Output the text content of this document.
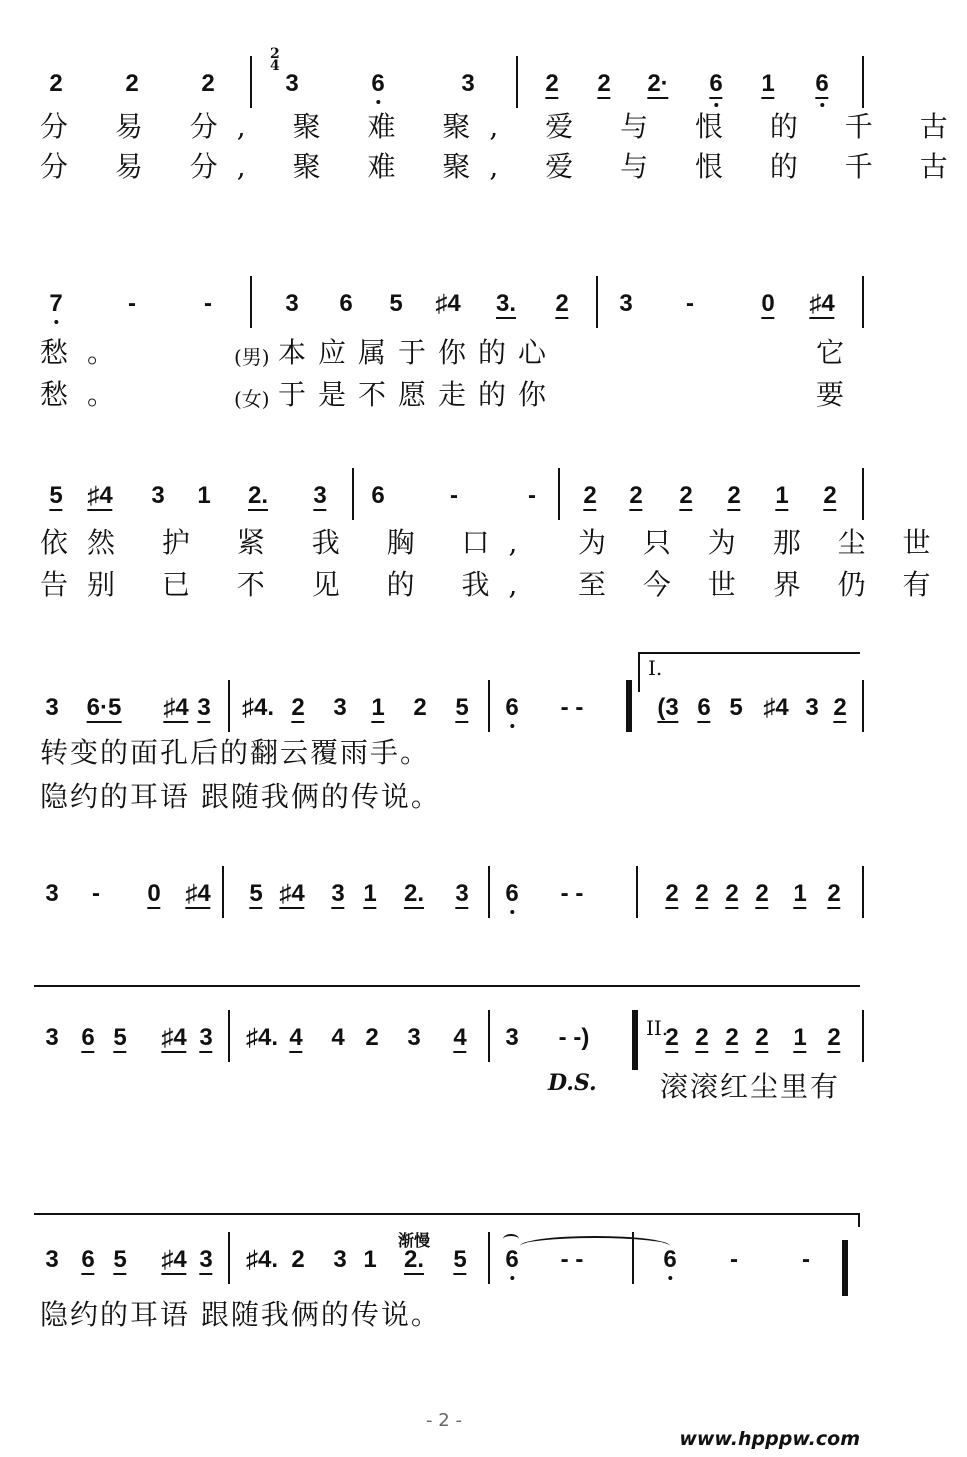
2	2	2	3	6	3	2 2 2· 6 1 6
分 易 分, 聚 难 聚, 爱 与 恨 的 千 古
分 易 分, 聚 难 聚, 爱 与 恨 的 千 古
7	-	-	3 6 5 ♯4 3. 2 3 -	0 ♯4
愁。	(男) 本应属于你的心	它
愁。	(女) 于是不愿走的你	要
5 ♯4 3 1 2. 3 6	-	- 2 2 2 2 1 2
依然 护 紧 我 胸 口, 为 只 为 那 尘 世
告别 已 不 见 的 我, 至 今 世 界 仍 有
3 6·5 ♯4 3 ♯4. 2 3 1 2 5 6 - -	(3 6 5 ♯4 3 2
转变的面孔后的翻云覆雨手。
隐约的耳语 跟随我俩的传说。
3 - 0 ♯4 5 ♯4 3 1 2. 3 6 - -	2 2 2 2 1 2
3 6 5 ♯4 3 ♯4. 4 4 2 3 4 3 - -)	2 2 2 2 1 2
滚滚红尘里有
3 6 5 ♯4 3 ♯4. 2 3 1 2. 5 6 - -	6 -	-
隐约的耳语 跟随我俩的传说。
2
4
I.
II.
D.S.
渐慢
- 2 -
www.hpppw.com
